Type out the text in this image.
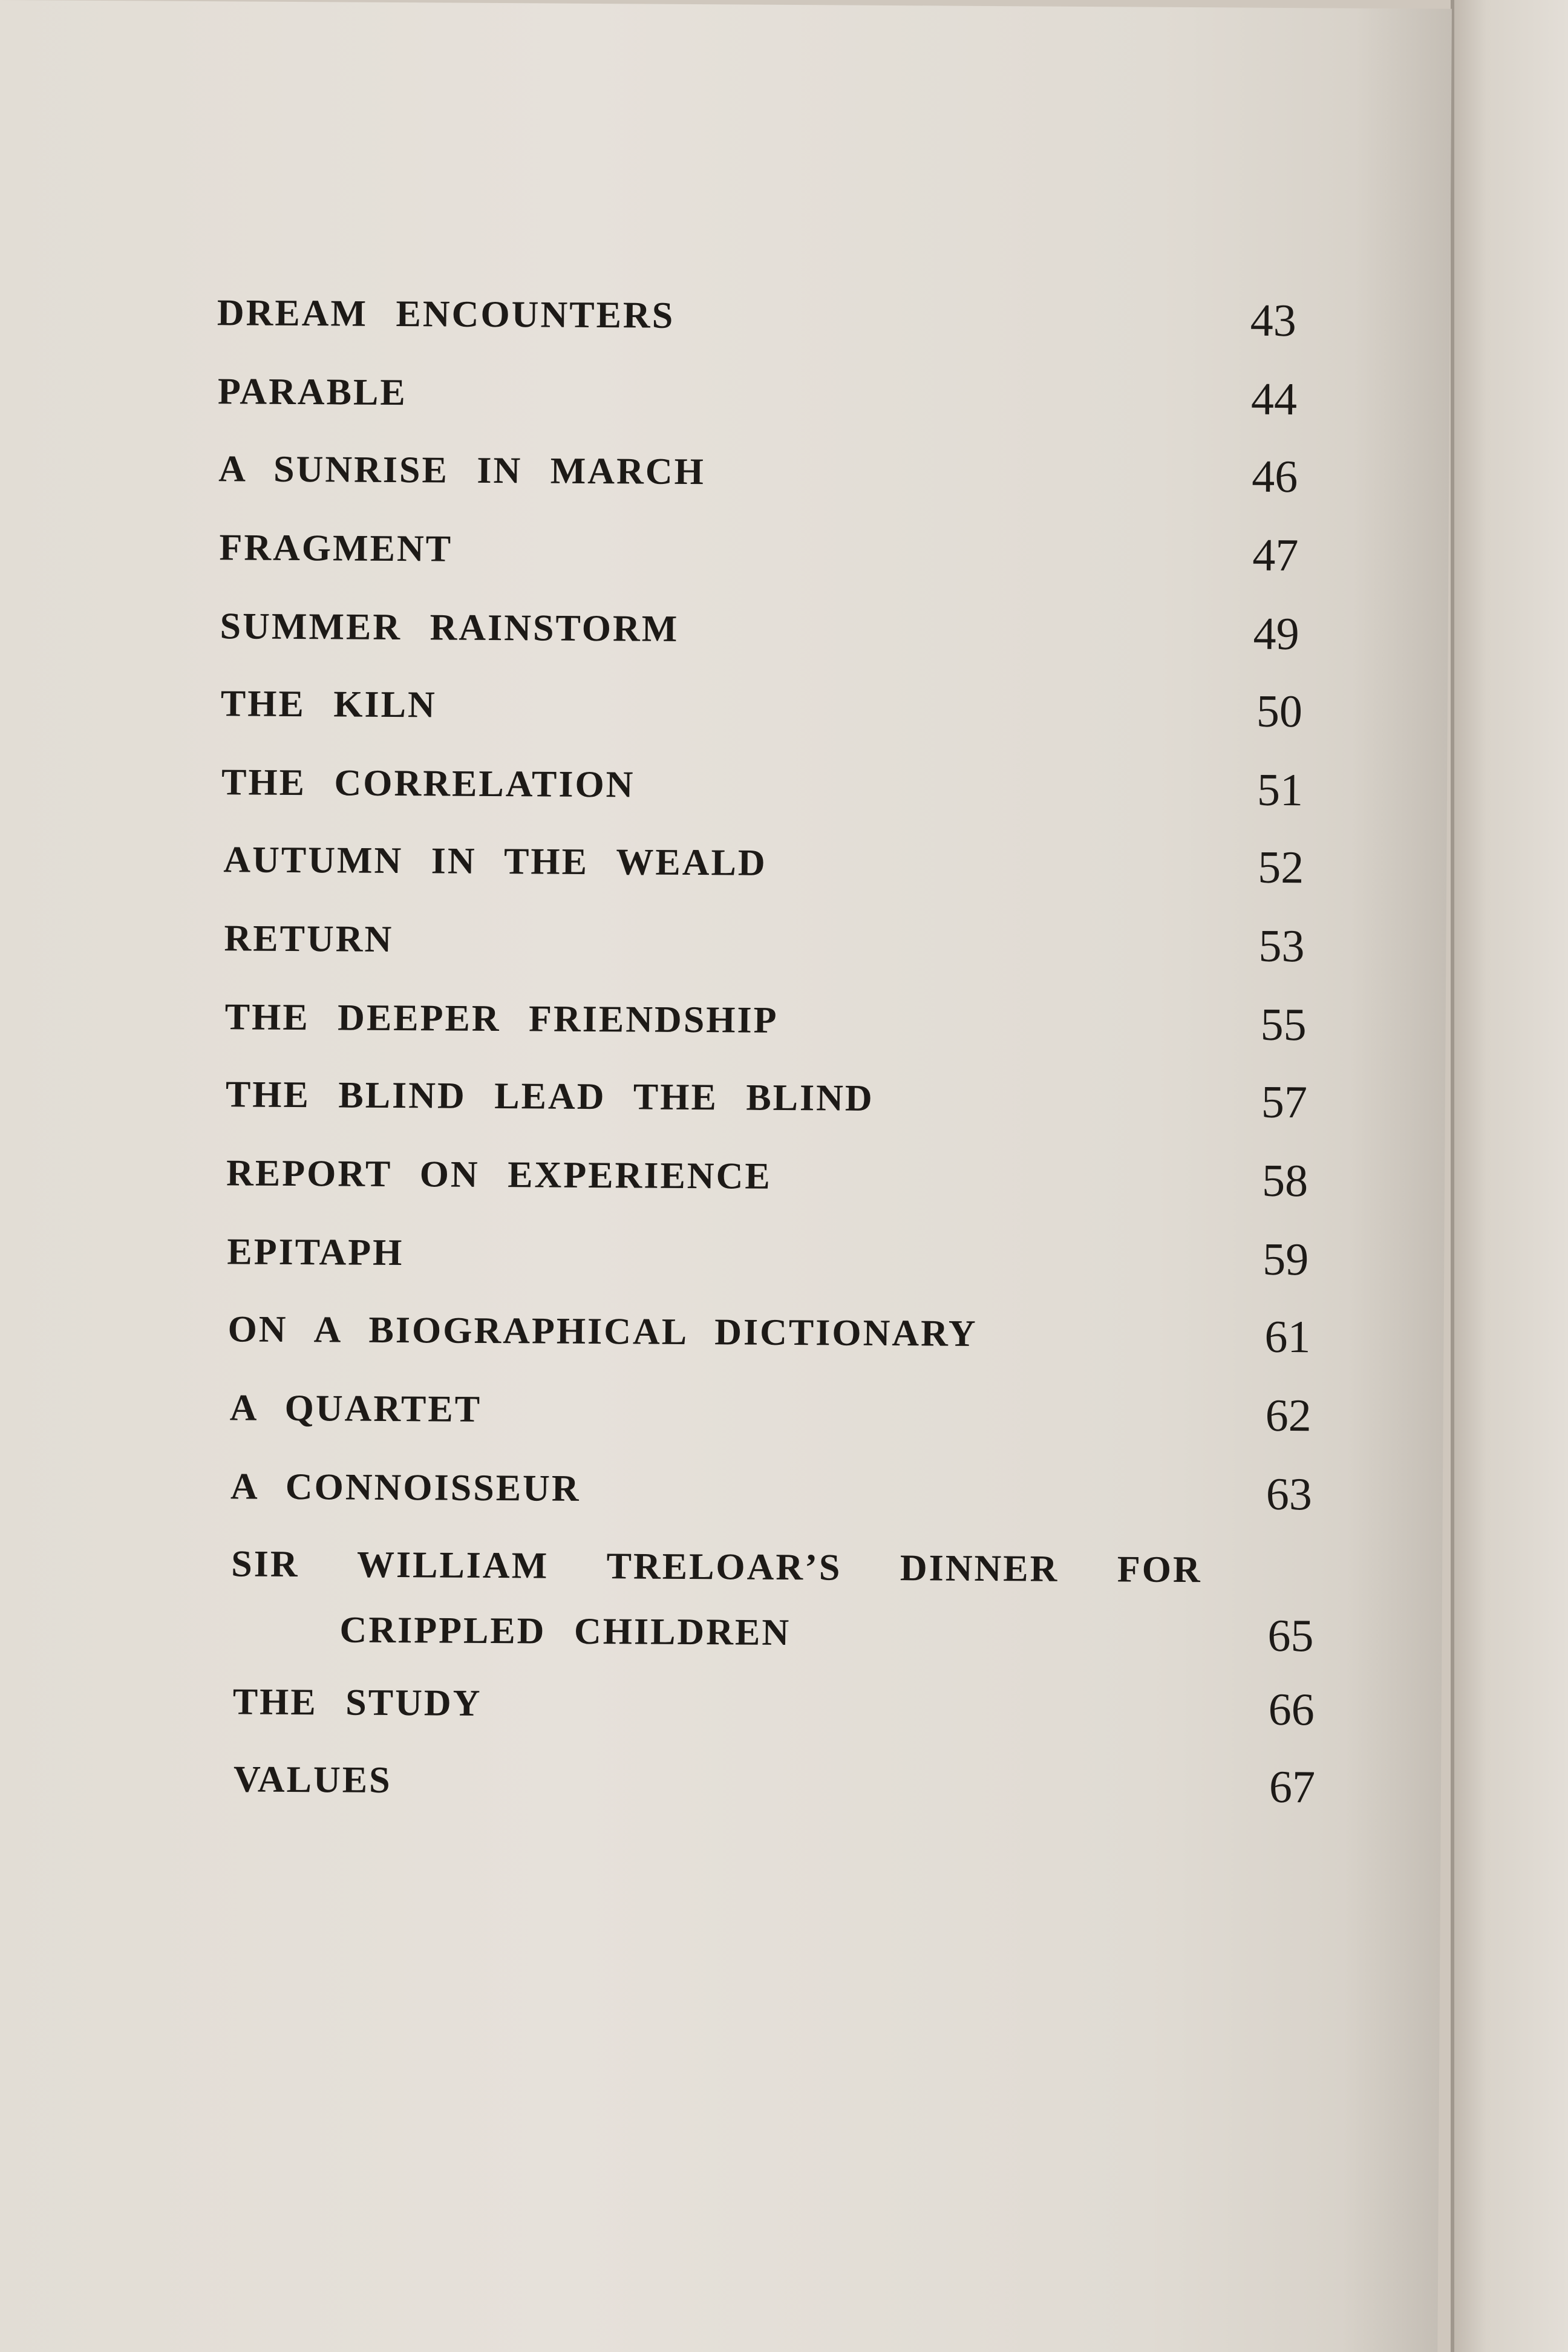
DREAM ENCOUNTERS	43
PARABLE	44
A SUNRISE IN MARCH	46
FRAGMENT	47
SUMMER RAINSTORM	49
THE KILN	50
THE CORRELATION	51
AUTUMN IN THE WEALD	52
RETURN	53
THE DEEPER FRIENDSHIP	55
THE BLIND LEAD THE BLIND	57
REPORT ON EXPERIENCE	58
EPITAPH	59
ON A BIOGRAPHICAL DICTIONARY	61
A QUARTET	62
A CONNOISSEUR	63
SIR WILLIAM TRELOAR’S DINNER FOR
CRIPPLED CHILDREN	65
THE STUDY	66
VALUES	67
